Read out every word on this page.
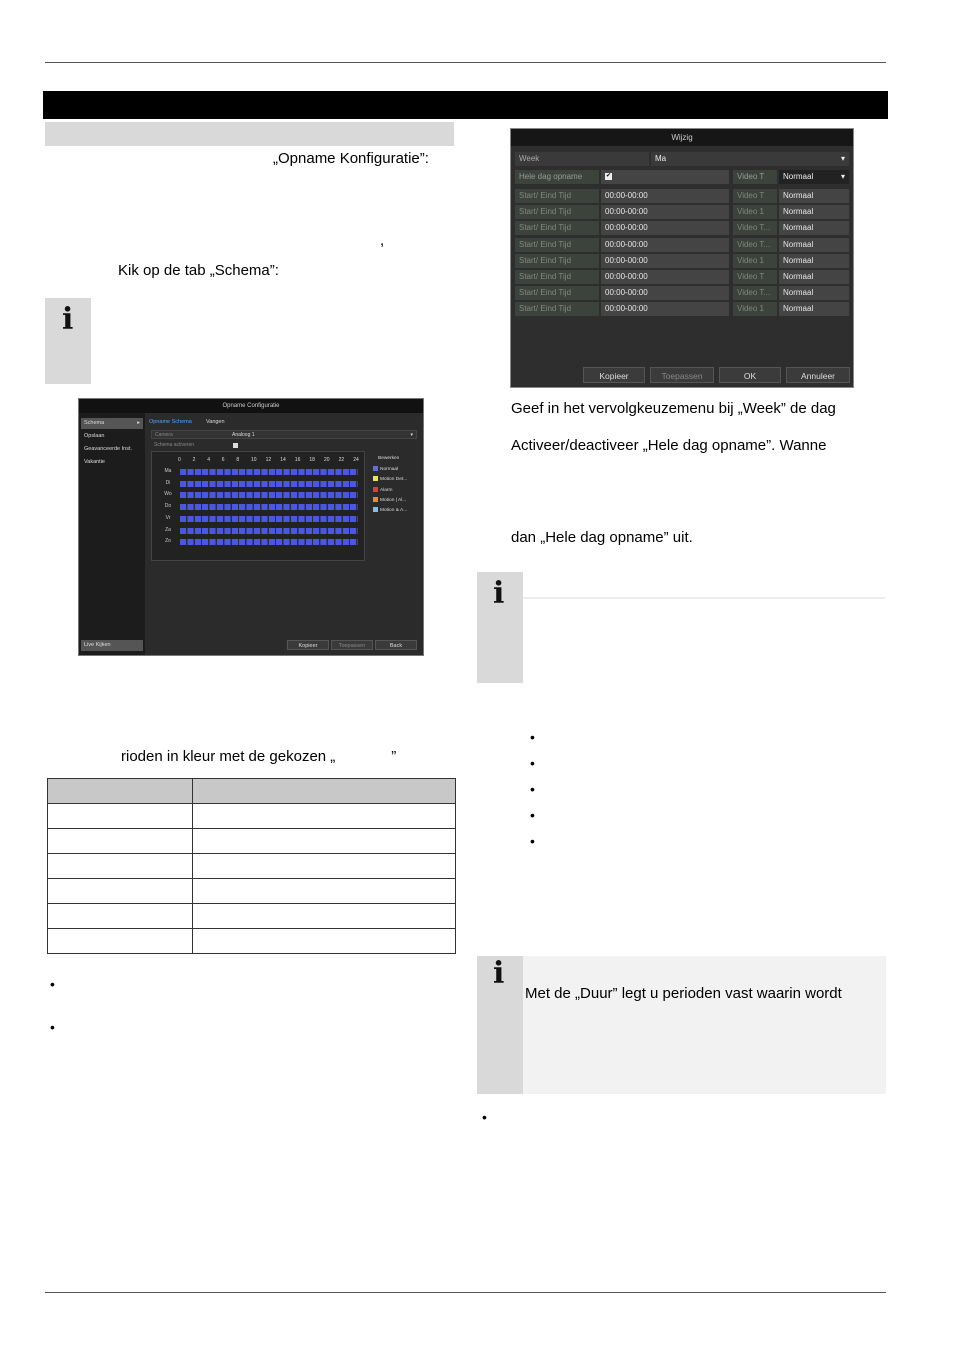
„Opname Konfiguratie”:
,
Kik op de tab „Schema”:
i
Opname Configuratie
Schema	▸
Opslaan
Geavanceerde Inst.
Vakantie
Live Kijken
Opname Schema	Vangen
Camera	Analoog 1	▾
Schema activeren
0 2 4 6 8 10 12 14 16 18 20 22 24
Ma
Di
Wo
Do
Vr
Za
Zo
Bewerken
Normaal
Motion Det...
Alarm
Motion | Al...
Motion & A...
Kopieer	Toepassen	Back
rioden in kleur met de gekozen „	”

•
•
Wijzig
Week	Ma	▾
Hele dag opname	✔	Video T	Normaal	▾
Start/ Eind Tijd	00:00-00:00	Video T	Normaal
Start/ Eind Tijd	00:00-00:00	Video 1	Normaal
Start/ Eind Tijd	00:00-00:00	Video T...	Normaal
Start/ Eind Tijd	00:00-00:00	Video T...	Normaal
Start/ Eind Tijd	00:00-00:00	Video 1	Normaal
Start/ Eind Tijd	00:00-00:00	Video T	Normaal
Start/ Eind Tijd	00:00-00:00	Video T...	Normaal
Start/ Eind Tijd	00:00-00:00	Video 1	Normaal
Kopieer	Toepassen	OK	Annuleer
Geef in het vervolgkeuzemenu bij „Week” de dag
Activeer/deactiveer „Hele dag opname”. Wanne
dan „Hele dag opname” uit.
i
•
•
•
•
•
i
Met de „Duur” legt u perioden vast waarin wordt
•
